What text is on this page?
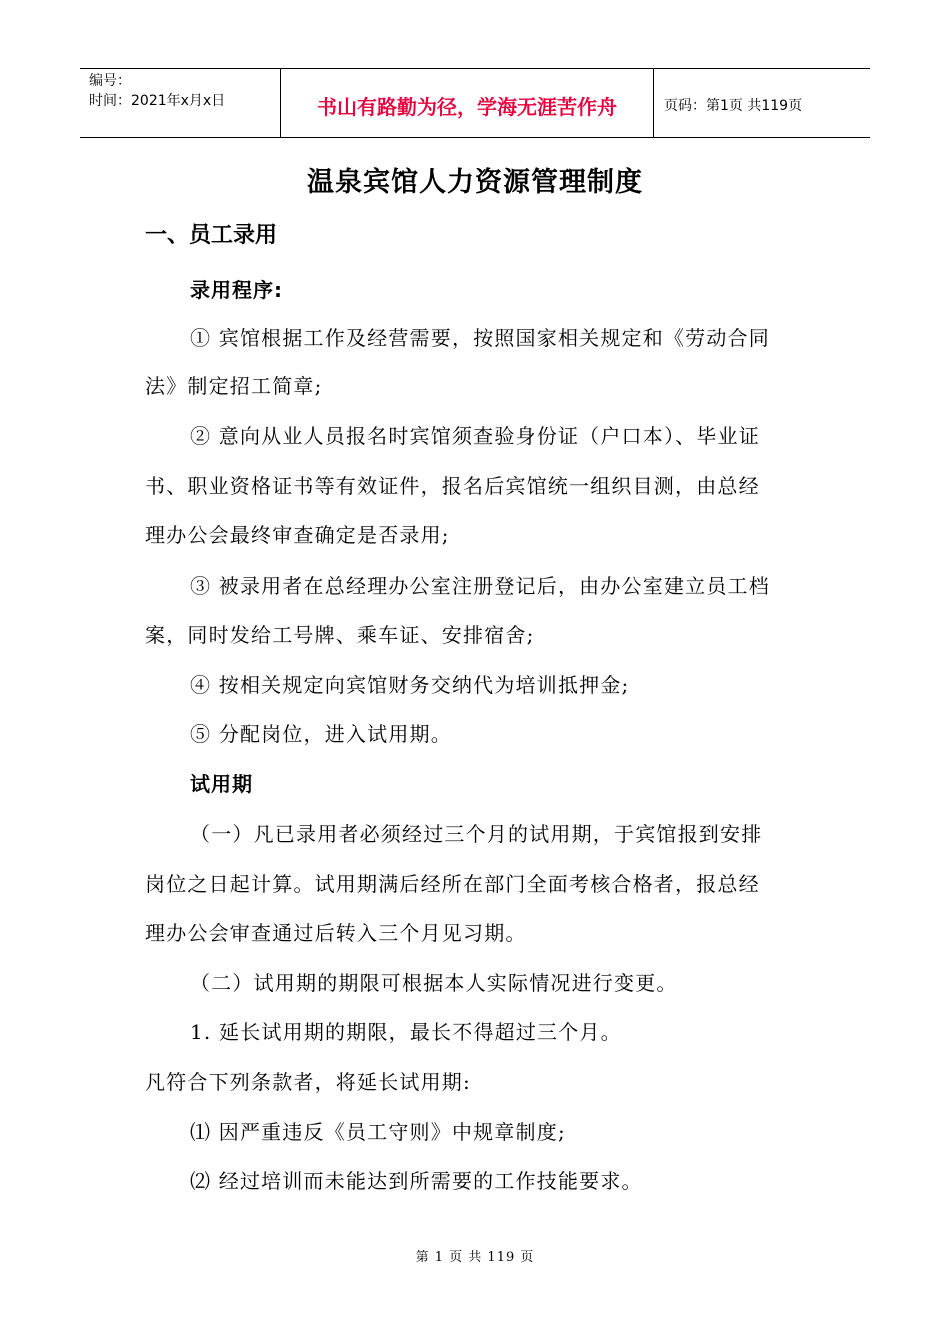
编号：
时间：2021年x月x日	书山有路勤为径，学海无涯苦作舟	页码：第1页 共119页
温泉宾馆人力资源管理制度
一、员工录用
录用程序:
① 宾馆根据工作及经营需要，按照国家相关规定和《劳动合同
法》制定招工简章;
② 意向从业人员报名时宾馆须查验身份证（户口本）、毕业证
书、职业资格证书等有效证件，报名后宾馆统一组织目测，由总经
理办公会最终审查确定是否录用;
③ 被录用者在总经理办公室注册登记后，由办公室建立员工档
案，同时发给工号牌、乘车证、安排宿舍;
④ 按相关规定向宾馆财务交纳代为培训抵押金;
⑤ 分配岗位，进入试用期。
试用期
（一）凡已录用者必须经过三个月的试用期，于宾馆报到安排
岗位之日起计算。试用期满后经所在部门全面考核合格者，报总经
理办公会审查通过后转入三个月见习期。
（二）试用期的期限可根据本人实际情况进行变更。
1. 延长试用期的期限，最长不得超过三个月。
凡符合下列条款者，将延长试用期:
⑴ 因严重违反《员工守则》中规章制度;
⑵ 经过培训而未能达到所需要的工作技能要求。
第 1 页 共 119 页
